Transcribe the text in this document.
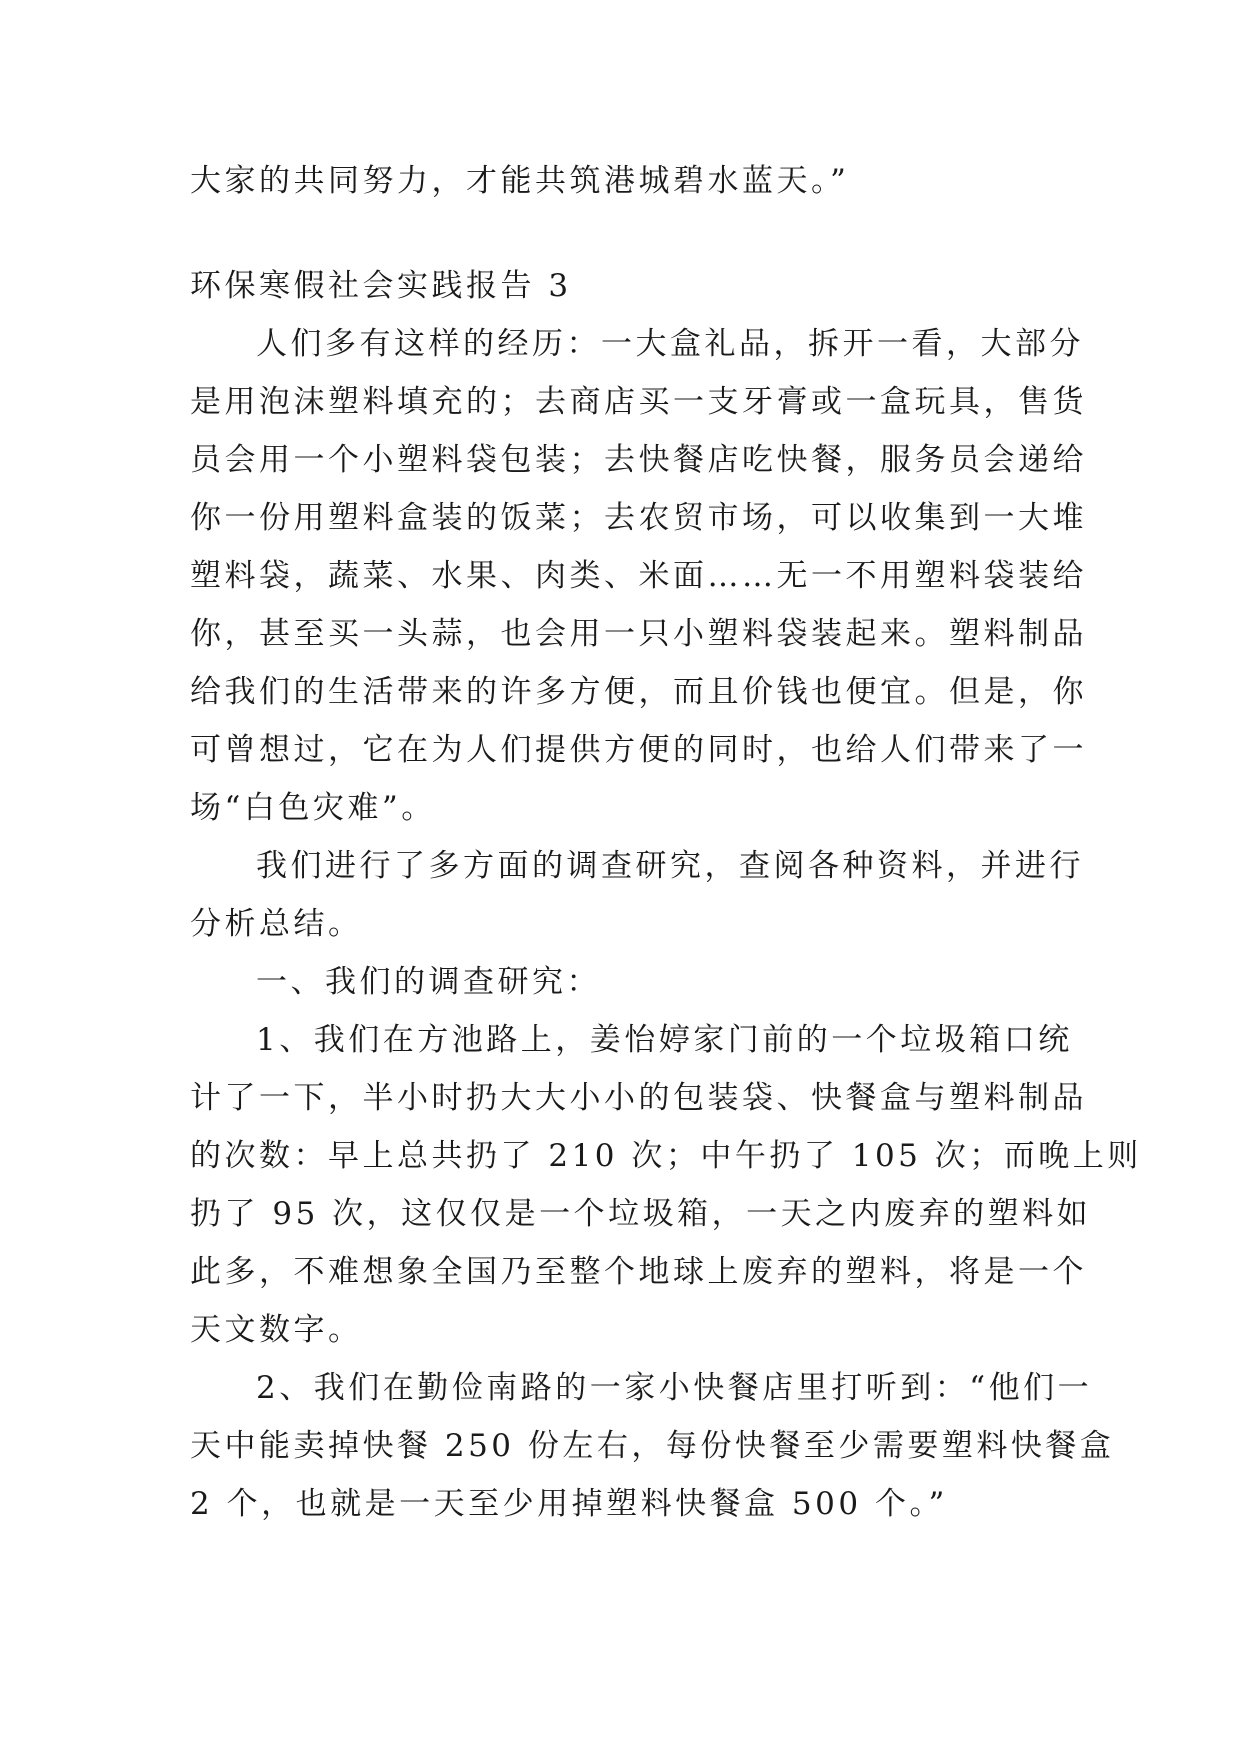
大家的共同努力，才能共筑港城碧水蓝天。”
环保寒假社会实践报告 3
人们多有这样的经历：一大盒礼品，拆开一看，大部分
是用泡沫塑料填充的；去商店买一支牙膏或一盒玩具，售货
员会用一个小塑料袋包装；去快餐店吃快餐，服务员会递给
你一份用塑料盒装的饭菜；去农贸市场，可以收集到一大堆
塑料袋，蔬菜、水果、肉类、米面……无一不用塑料袋装给
你，甚至买一头蒜，也会用一只小塑料袋装起来。塑料制品
给我们的生活带来的许多方便，而且价钱也便宜。但是，你
可曾想过，它在为人们提供方便的同时，也给人们带来了一
场“白色灾难”。
我们进行了多方面的调查研究，查阅各种资料，并进行
分析总结。
一、我们的调查研究：
1、我们在方池路上，姜怡婷家门前的一个垃圾箱口统
计了一下，半小时扔大大小小的包装袋、快餐盒与塑料制品
的次数：早上总共扔了 210 次；中午扔了 105 次；而晚上则
扔了 95 次，这仅仅是一个垃圾箱，一天之内废弃的塑料如
此多，不难想象全国乃至整个地球上废弃的塑料，将是一个
天文数字。
2、我们在勤俭南路的一家小快餐店里打听到：“他们一
天中能卖掉快餐 250 份左右，每份快餐至少需要塑料快餐盒
2 个，也就是一天至少用掉塑料快餐盒 500 个。”
